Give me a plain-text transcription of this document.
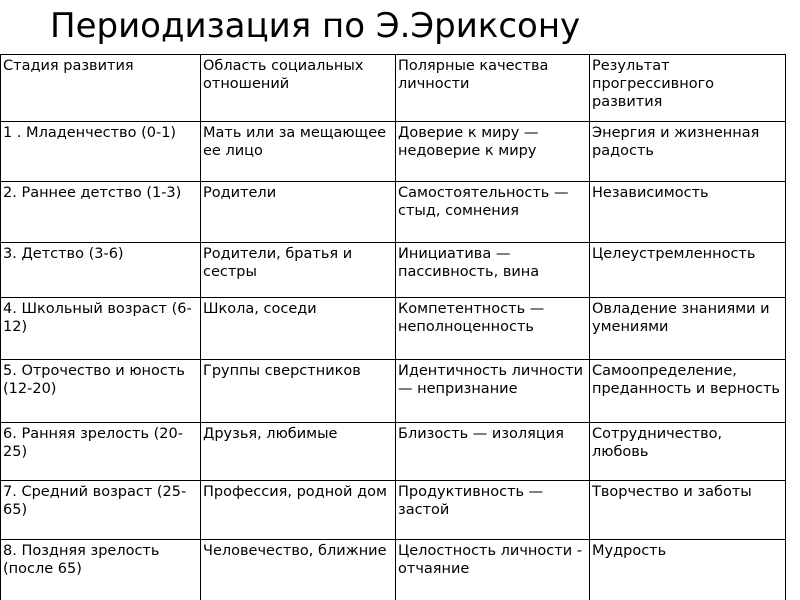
Периодизация по Э.Эриксону
Стадия развития	Область социальных отношений	Полярные качества личности	Результат прогрессивного развития
1 . Младенчество (0-1)	Мать или за мещающее ее лицо	Доверие к миру — недоверие к миру	Энергия и жизненная радость
2. Раннее детство (1-3)	Родители	Самостоятельность — стыд, сомнения	Независимость
3. Детство (3-6)	Родители, братья и сестры	Инициатива — пассивность, вина	Целеустремленность
4. Школьный возраст (6-12)	Школа, соседи	Компетентность — неполноценность	Овладение знаниями и умениями
5. Отрочество и юность (12-20)	Группы сверстников	Идентичность личности — непризнание	Самоопределение, преданность и верность
6. Ранняя зрелость (20-25)	Друзья, любимые	Близость — изоляция	Сотрудничество, любовь
7. Средний возраст (25-65)	Профессия, родной дом	Продуктивность — застой	Творчество и заботы
8. Поздняя зрелость (после 65)	Человечество, ближние	Целостность личности - отчаяние	Мудрость
